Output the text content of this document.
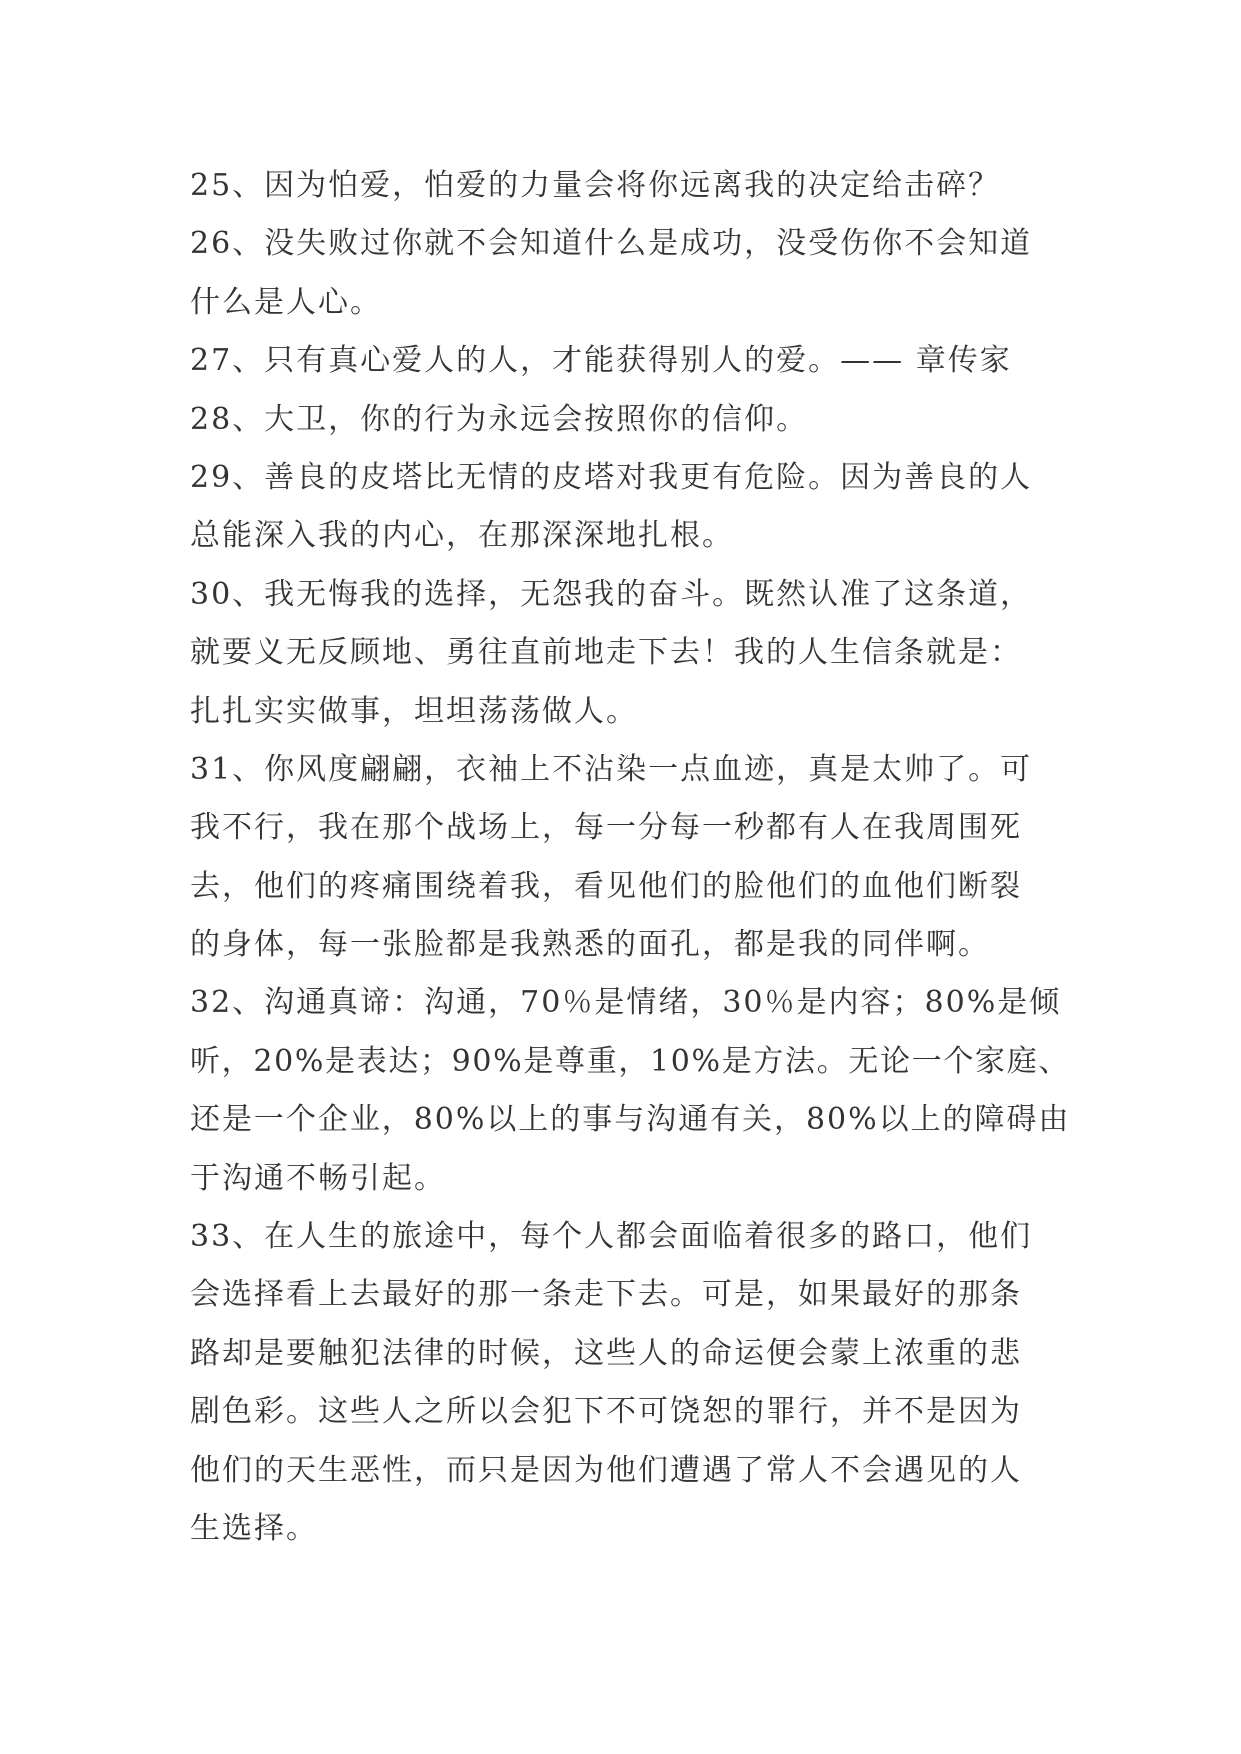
25、因为怕爱，怕爱的力量会将你远离我的决定给击碎？
26、没失败过你就不会知道什么是成功，没受伤你不会知道
什么是人心。
27、只有真心爱人的人，才能获得别人的爱。—— 章传家
28、大卫，你的行为永远会按照你的信仰。
29、善良的皮塔比无情的皮塔对我更有危险。因为善良的人
总能深入我的内心，在那深深地扎根。
30、我无悔我的选择，无怨我的奋斗。既然认准了这条道，
就要义无反顾地、勇往直前地走下去！我的人生信条就是：
扎扎实实做事，坦坦荡荡做人。
31、你风度翩翩，衣袖上不沾染一点血迹，真是太帅了。可
我不行，我在那个战场上，每一分每一秒都有人在我周围死
去，他们的疼痛围绕着我，看见他们的脸他们的血他们断裂
的身体，每一张脸都是我熟悉的面孔，都是我的同伴啊。
32、沟通真谛：沟通，70％是情绪，30％是内容；80%是倾
听，20%是表达；90%是尊重，10%是方法。无论一个家庭、
还是一个企业，80%以上的事与沟通有关，80%以上的障碍由
于沟通不畅引起。
33、在人生的旅途中，每个人都会面临着很多的路口，他们
会选择看上去最好的那一条走下去。可是，如果最好的那条
路却是要触犯法律的时候，这些人的命运便会蒙上浓重的悲
剧色彩。这些人之所以会犯下不可饶恕的罪行，并不是因为
他们的天生恶性，而只是因为他们遭遇了常人不会遇见的人
生选择。
